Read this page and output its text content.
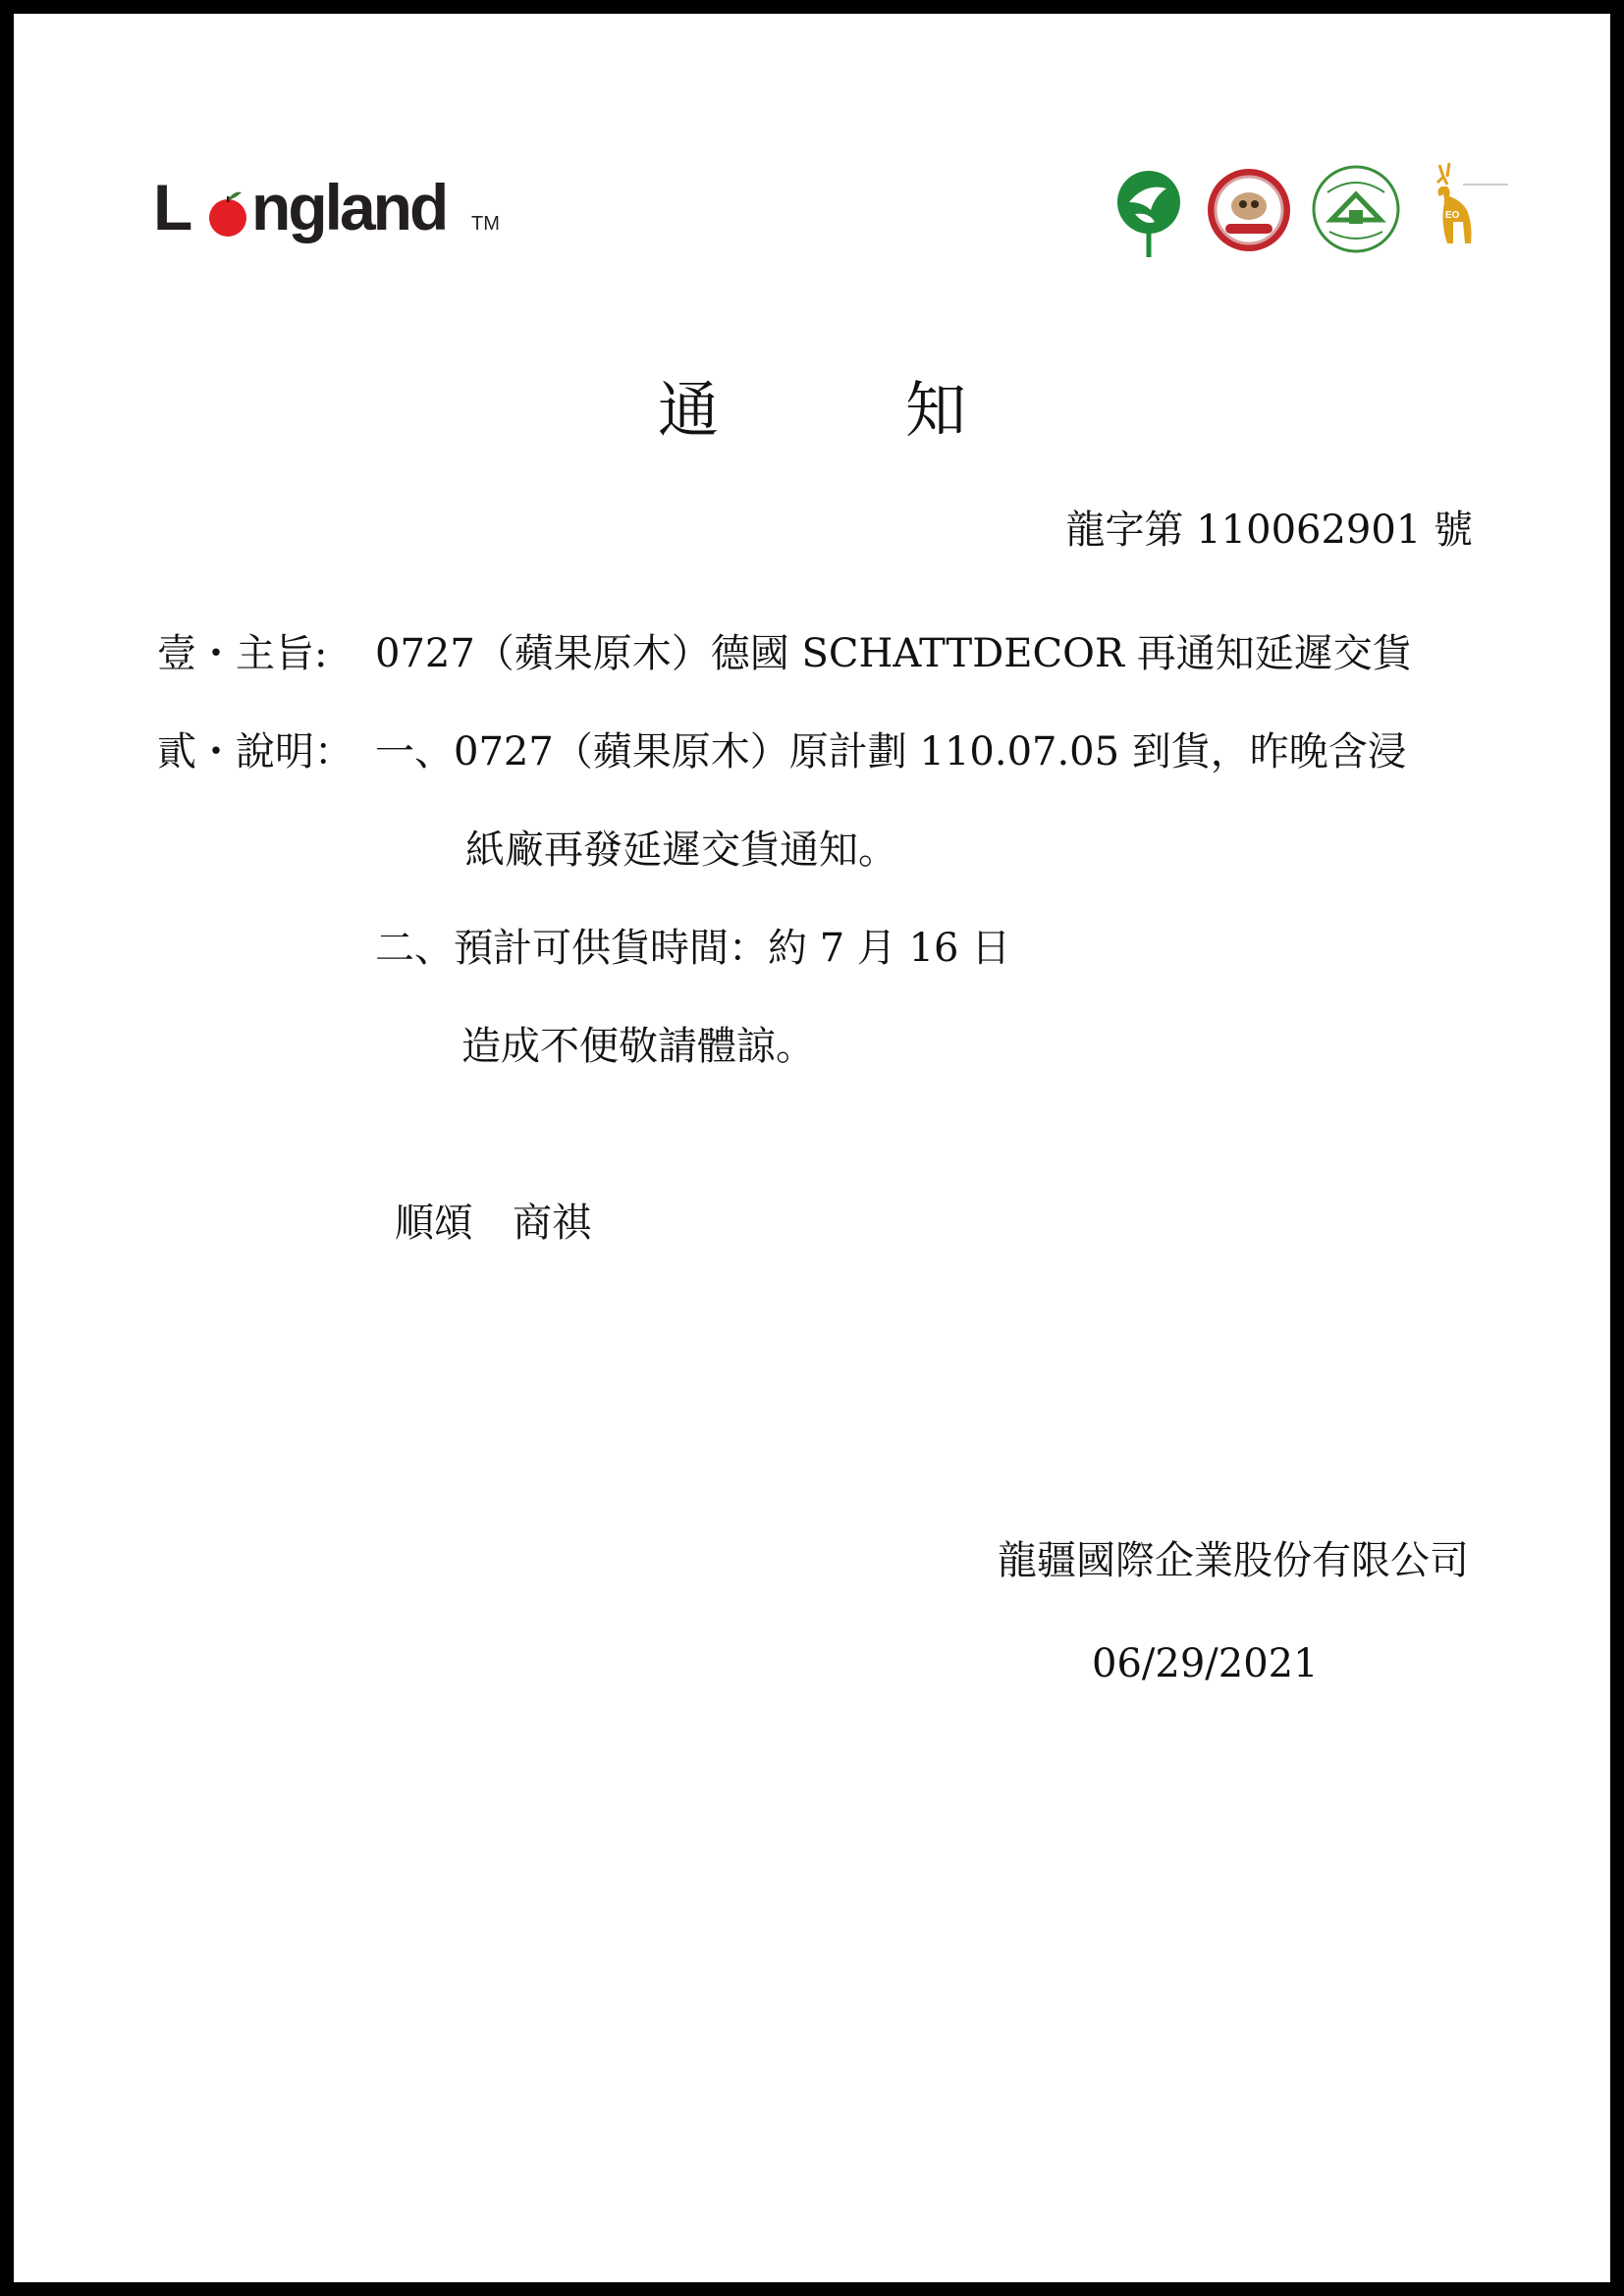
L ngland TM	EO
通	知
龍字第 110062901 號
壹・主旨: 0727（蘋果原木）德國 SCHATTDECOR 再通知延遲交貨
貳・說明： 一、0727（蘋果原木）原計劃 110.07.05 到貨，昨晚含浸
紙廠再發延遲交貨通知。
二、預計可供貨時間：約 7 月 16 日
造成不便敬請體諒。
順頌　商祺
龍疆國際企業股份有限公司
06/29/2021
